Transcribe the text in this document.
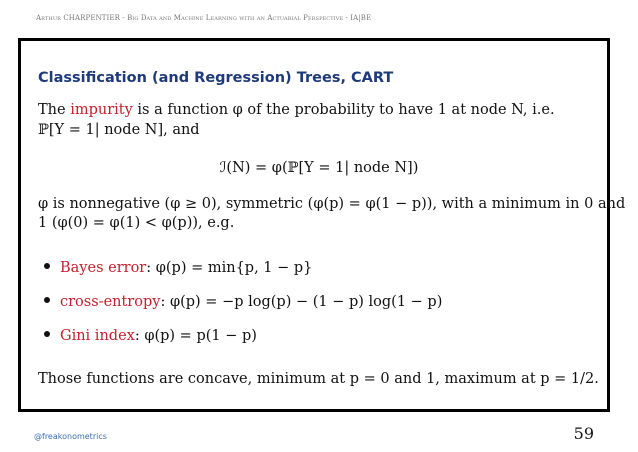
Arthur CHARPENTIER - Big Data and Machine Learning with an Actuarial Perspective - IA|BE
Classification (and Regression) Trees, CART
The impurity is a function φ of the probability to have 1 at node N, i.e.
ℙ[Y = 1| node N], and
ℐ(N) = φ(ℙ[Y = 1| node N])
φ is nonnegative (φ ≥ 0), symmetric (φ(p) = φ(1 − p)), with a minimum in 0 and
1 (φ(0) = φ(1) < φ(p)), e.g.
Bayes error: φ(p) = min{p, 1 − p}
cross-entropy: φ(p) = −p log(p) − (1 − p) log(1 − p)
Gini index: φ(p) = p(1 − p)
Those functions are concave, minimum at p = 0 and 1, maximum at p = 1/2.
@freakonometrics	59
